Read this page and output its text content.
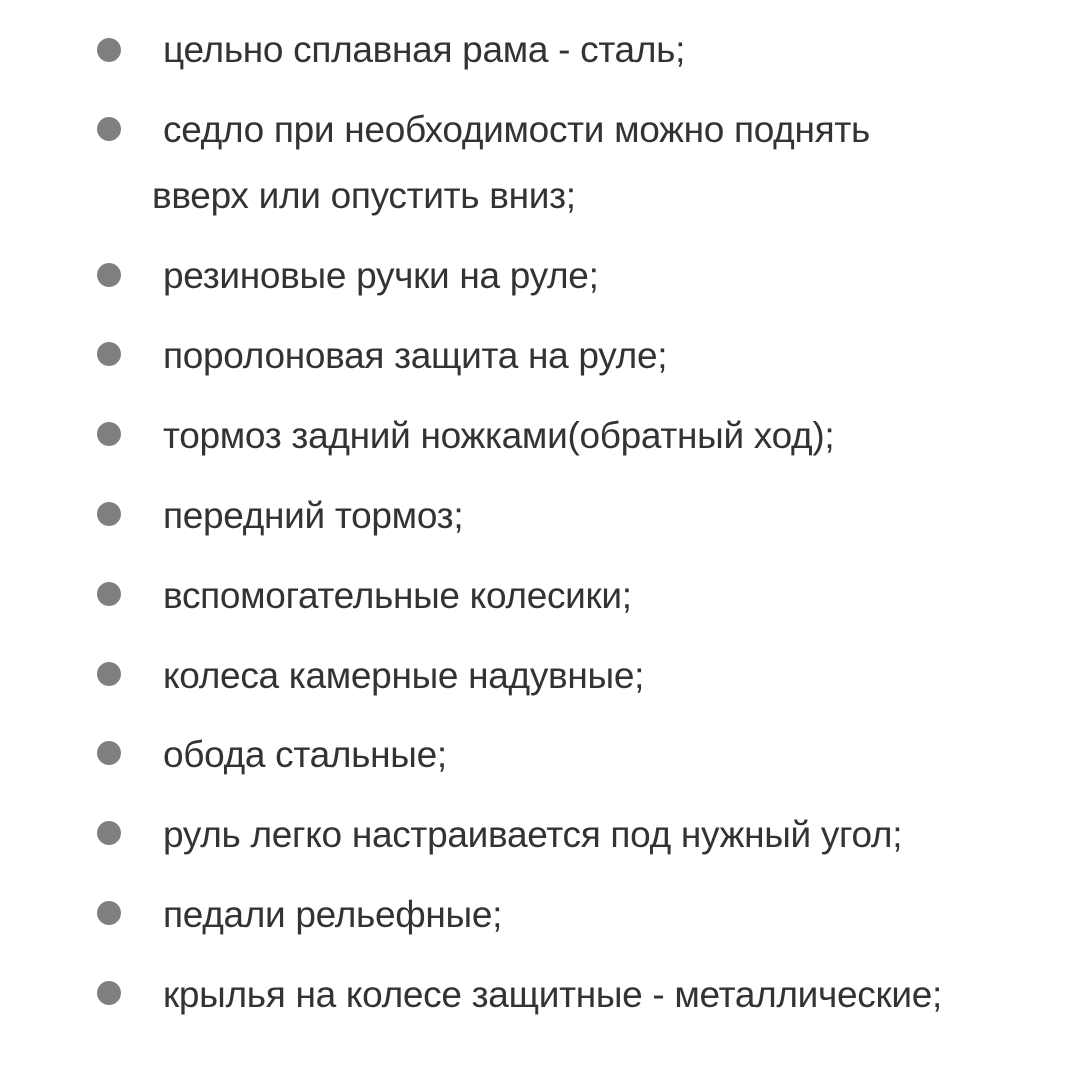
цельно сплавная рама - сталь;
седло при необходимости можно поднять
вверх или опустить вниз;
резиновые ручки на руле;
поролоновая защита на руле;
тормоз задний ножками(обратный ход);
передний тормоз;
вспомогательные колесики;
колеса камерные надувные;
обода стальные;
руль легко настраивается под нужный угол;
педали рельефные;
крылья на колесе защитные - металлические;
